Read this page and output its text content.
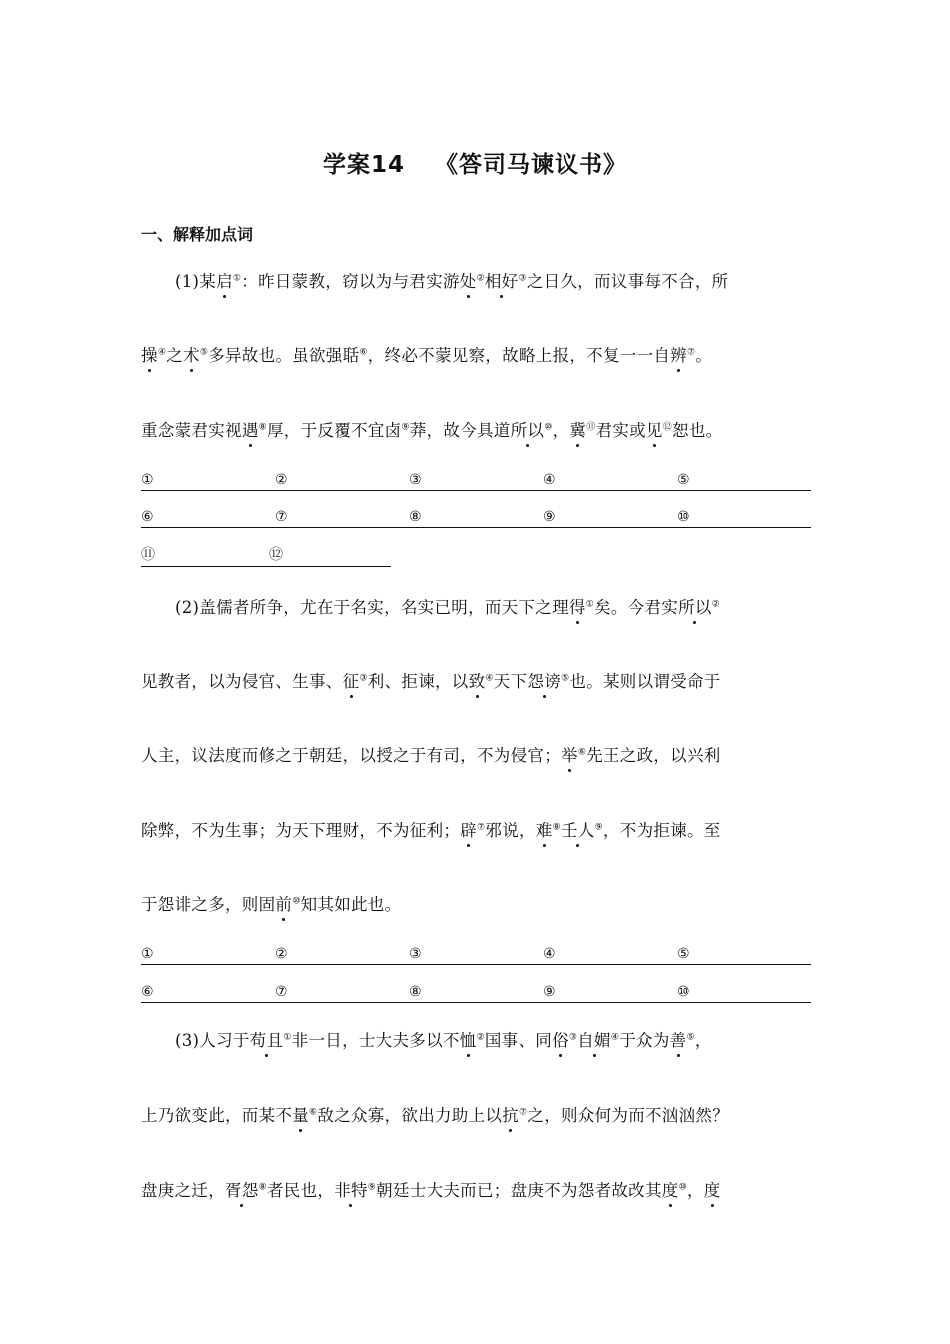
学案14 《答司马谏议书》
一、解释加点词
(1)某启①：昨日蒙教，窃以为与君实游处②相好③之日久，而议事每不合，所
操④之术⑤多异故也。虽欲强聒⑥，终必不蒙见察，故略上报，不复一一自辨⑦。
重念蒙君实视遇⑧厚，于反覆不宜卤⑨莽，故今具道所以⑩，冀⑪君实或见⑫恕也。
①	②	③	④	⑤
⑥	⑦	⑧	⑨	⑩
⑪	⑫
(2)盖儒者所争，尤在于名实，名实已明，而天下之理得①矣。今君实所以②
见教者，以为侵官、生事、征③利、拒谏，以致④天下怨谤⑤也。某则以谓受命于
人主，议法度而修之于朝廷，以授之于有司，不为侵官；举⑥先王之政，以兴利
除弊，不为生事；为天下理财，不为征利；辟⑦邪说，难⑧壬人⑨，不为拒谏。至
于怨诽之多，则固前⑩知其如此也。
①	②	③	④	⑤
⑥	⑦	⑧	⑨	⑩
(3)人习于苟且①非一日，士大夫多以不恤②国事、同俗③自媚④于众为善⑤，
上乃欲变此，而某不量⑥敌之众寡，欲出力助上以抗⑦之，则众何为而不汹汹然？
盘庚之迁，胥怨⑧者民也，非特⑨朝廷士大夫而已；盘庚不为怨者故改其度⑩，度
